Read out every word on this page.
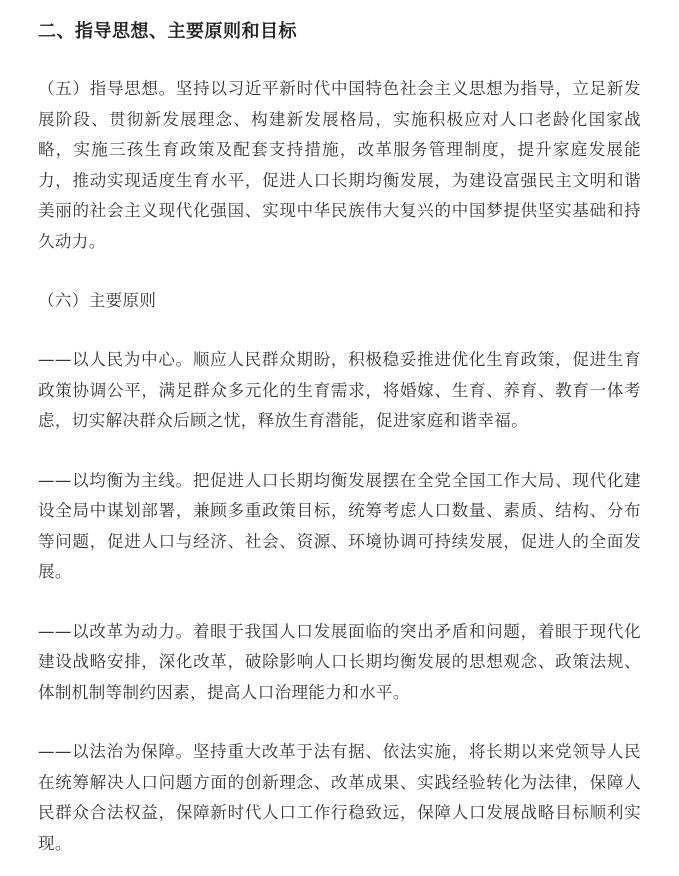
二、指导思想、主要原则和目标

（五）指导思想。坚持以习近平新时代中国特色社会主义思想为指导，立足新发展阶段、贯彻新发展理念、构建新发展格局，实施积极应对人口老龄化国家战略，实施三孩生育政策及配套支持措施，改革服务管理制度，提升家庭发展能力，推动实现适度生育水平，促进人口长期均衡发展，为建设富强民主文明和谐美丽的社会主义现代化强国、实现中华民族伟大复兴的中国梦提供坚实基础和持久动力。

（六）主要原则

——以人民为中心。顺应人民群众期盼，积极稳妥推进优化生育政策，促进生育政策协调公平，满足群众多元化的生育需求，将婚嫁、生育、养育、教育一体考虑，切实解决群众后顾之忧，释放生育潜能，促进家庭和谐幸福。

——以均衡为主线。把促进人口长期均衡发展摆在全党全国工作大局、现代化建设全局中谋划部署，兼顾多重政策目标，统筹考虑人口数量、素质、结构、分布等问题，促进人口与经济、社会、资源、环境协调可持续发展，促进人的全面发展。

——以改革为动力。着眼于我国人口发展面临的突出矛盾和问题，着眼于现代化建设战略安排，深化改革，破除影响人口长期均衡发展的思想观念、政策法规、体制机制等制约因素，提高人口治理能力和水平。

——以法治为保障。坚持重大改革于法有据、依法实施，将长期以来党领导人民在统筹解决人口问题方面的创新理念、改革成果、实践经验转化为法律，保障人民群众合法权益，保障新时代人口工作行稳致远，保障人口发展战略目标顺利实现。
